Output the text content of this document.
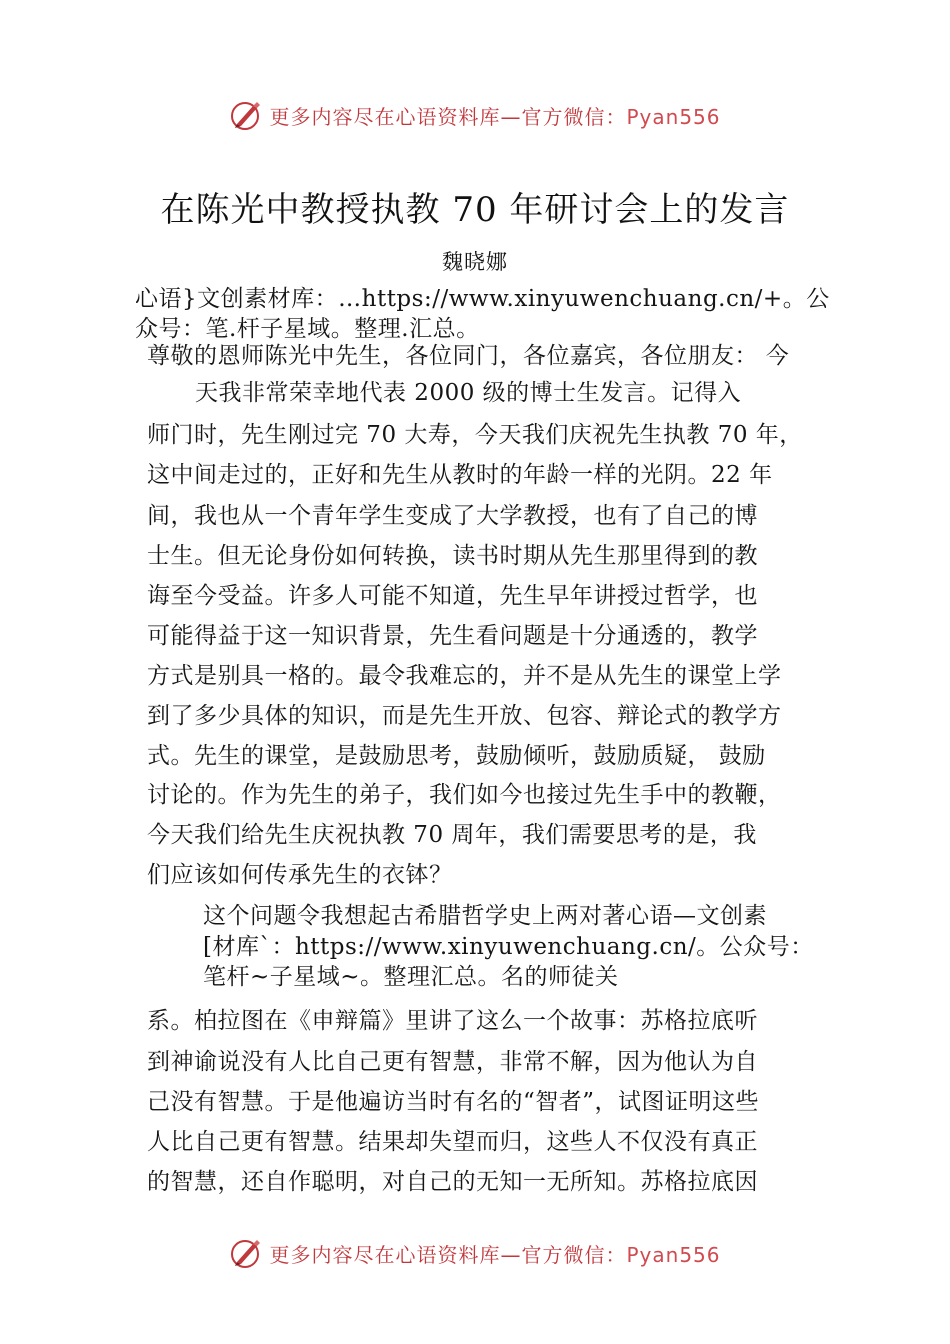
更多内容尽在心语资料库—官方微信：Pyan556
在陈光中教授执教 70 年研讨会上的发言
魏晓娜
心语}文创素材库：…https://www.xinyuwenchuang.cn/+。公
众号：笔.杆子星域。整理.汇总。
尊敬的恩师陈光中先生，各位同门，各位嘉宾，各位朋友： 今
天我非常荣幸地代表 2000 级的博士生发言。记得入
师门时，先生刚过完 70 大寿，今天我们庆祝先生执教 70 年，
这中间走过的，正好和先生从教时的年龄一样的光阴。22 年
间，我也从一个青年学生变成了大学教授，也有了自己的博
士生。但无论身份如何转换，读书时期从先生那里得到的教
诲至今受益。许多人可能不知道，先生早年讲授过哲学，也
可能得益于这一知识背景，先生看问题是十分通透的，教学
方式是别具一格的。最令我难忘的，并不是从先生的课堂上学
到了多少具体的知识，而是先生开放、包容、辩论式的教学方
式。先生的课堂，是鼓励思考，鼓励倾听，鼓励质疑， 鼓励
讨论的。作为先生的弟子，我们如今也接过先生手中的教鞭，
今天我们给先生庆祝执教 70 周年，我们需要思考的是，我
们应该如何传承先生的衣钵？
这个问题令我想起古希腊哲学史上两对著心语—文创素
[材库`：https://www.xinyuwenchuang.cn/。公众号：
笔杆~子星域~。整理汇总。名的师徒关
系。柏拉图在《申辩篇》里讲了这么一个故事：苏格拉底听
到神谕说没有人比自己更有智慧，非常不解，因为他认为自
己没有智慧。于是他遍访当时有名的“智者”，试图证明这些
人比自己更有智慧。结果却失望而归，这些人不仅没有真正
的智慧，还自作聪明，对自己的无知一无所知。苏格拉底因
更多内容尽在心语资料库—官方微信：Pyan556
